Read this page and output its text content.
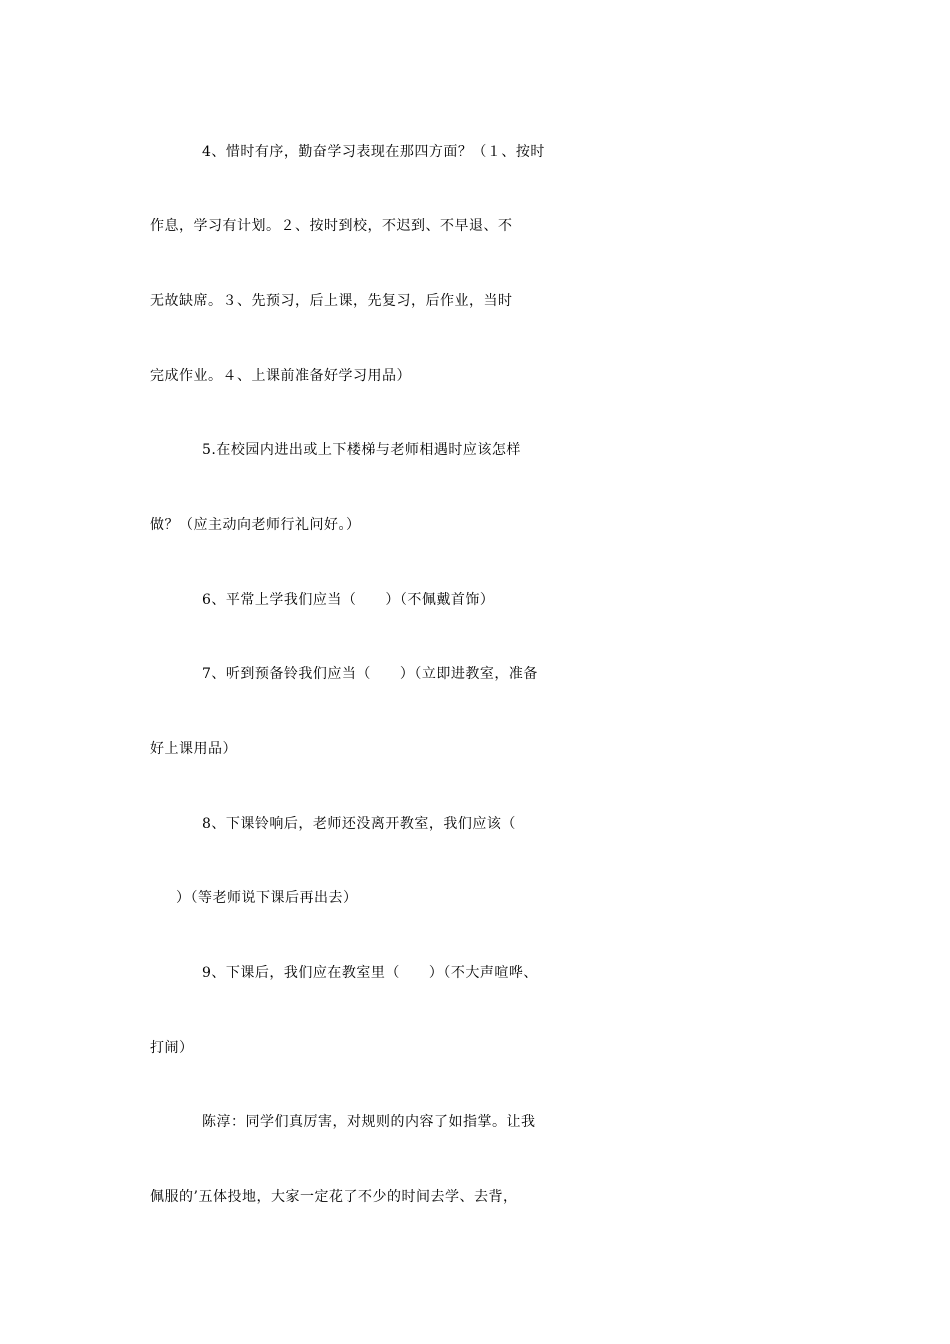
4、惜时有序，勤奋学习表现在那四方面？（１、按时
作息，学习有计划。２、按时到校，不迟到、不早退、不
无故缺席。３、先预习，后上课，先复习，后作业，当时
完成作业。４、上课前准备好学习用品）
5.在校园内进出或上下楼梯与老师相遇时应该怎样
做？（应主动向老师行礼问好。）
6、平常上学我们应当（　　）（不佩戴首饰）
7、听到预备铃我们应当（　　）（立即进教室，准备
好上课用品）
8、下课铃响后，老师还没离开教室，我们应该（
）（等老师说下课后再出去）
9、下课后，我们应在教室里（　　）（不大声喧哗、
打闹）
陈淳：同学们真厉害，对规则的内容了如指掌。让我
佩服的’五体投地，大家一定花了不少的时间去学、去背，
